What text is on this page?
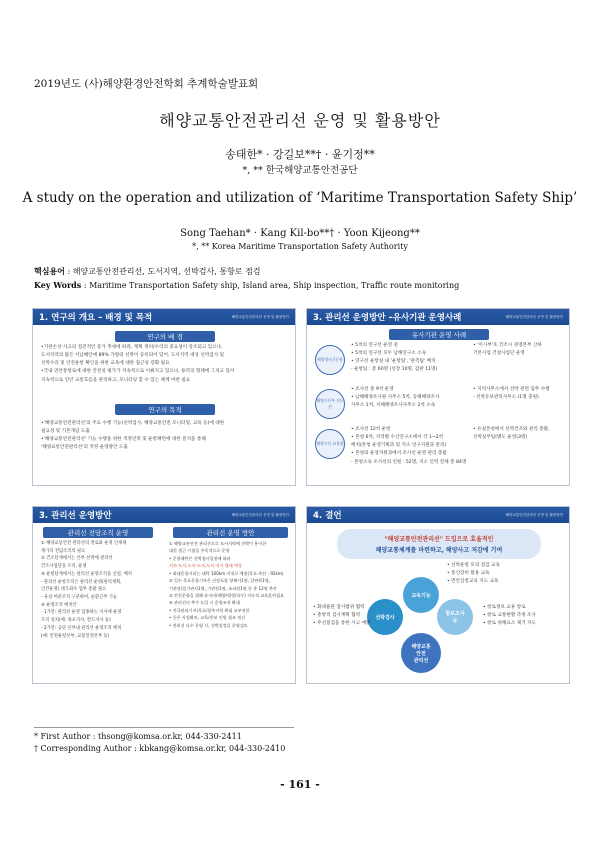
2019년도 (사)해양환경안전학회 추계학술발표회
해양교통안전관리선 운영 및 활용방안
송태한* · 강길보**† · 윤기정**
*, ** 한국해양교통안전공단
A study on the operation and utilization of ‘Maritime Transportation Safety Ship’
Song Taehan* · Kang Kil-bo**† · Yoon Kijeong**
*, ** Korea Maritime Transportation Safety Authority
핵심용어 : 해양교통안전관리선, 도서지역, 선박검사, 통항로 점검
Key Words : Maritime Transportation Safety ship, Island area, Ship inspection, Traffic route monitoring
1. 연구의 개요 – 배경 및 목적	해양교통안전관리선 운영 및 활용방안
연구의 배 경

•기관손상 사고의 점진적인 증가 추세에 따라, 계획 정비/수리의 중요성이 강조되고 있으나,

도서지역의 많은 서남해안에 89% 가량의 선박이 등록되어 있어, 도서지역 대상 선박검사 및

선박수리 및 안전운항 확인을 위한 교육에 대한 접근성 강화 필요

•국내 연안통항로에 대한 안전성 평가가 지속적으로 이뤄지고 있으나, 용역의 형태에 그치고 있어

지속적으로 연안 교통흐름을 관리하고, 모니터링 할 수 있는 체계 마련 필요

연구의 목적

•'해양교통안전관리선'의 주요 수행 기능(선박검사, 해양교통안전 모니터링, 교육 등)에 대한

필요성 및 기본개념 도출

•'해양교통안전관리선' 기능 수행을 위한 적정인력 및 운항패턴에 대한 분석을 통해

'해양교통안전관리선'의 적정 운영방안 도출

3. 관리선 운영방안 –유사기관 운영사례	해양교통안전관리선 운영 및 활용방안
유사기관 운영 사례
해양경비기동함

• 5척의 연구선 운영 중

• 5척의 연구선 모두 남해연구소 소속

• 연구선 운항실 내 '운항팀', '관측팀' 배치

- 운항팀 : 총 60명 (선장 10명, 갑판 11명)

• '이사부'호 건조시 경영본부 산하

기본사업 건설사업단 운영

해양수산부 지도선

• 조사선 총 9척 운영

• 남해해양조사원 사무소 5척, 동해해양조사

사무소 1척, 서해해양조사사무소 2척 소속

• 지역사무소에서 선박 관련 업무 수행

- 선박유보관리사무소 (1명 충원)

해양수산 교육원

• 조사선 12척 운항

• 본청 6척, 지역별 수산연구소에서 각 1~2척

배치(본청 운영기획과 및 지소 연구지원과 관리)

• 본청의 운영지원과에서 조사선 운영 관리 총괄

- 본청소속 조사선의 인원 : 52명, 지소 인력 전체 총 84명

• 유실본청에서 선박건조와 관리 총괄,

선박실무팀(별도 운영(3명)

3. 관리선 운영방안	해양교통안전관리선 운영 및 활용방안
관리선 전담조직 운영	관리선 운영 방안

① 해양교통안전 관리선의 전로와 운영 인계체

계가의 전담조직의 필요

② 건조단계에서는 본부 선박에 관리선

건조사업단을 조직, 운영

③ 운항단계에서는 관리선 운영조직을 신설, 배치

- 관리선 운항조직은 관리선 운영(관리계획,

인건운영) 대가회수 업무 총괄 필요

- 육상 여분조직 구분하여, 순환근무 가능

④ 운영조직 배치안

- 1가안: 관리선 운영 업종하는 지사에 운영

조직 설치(예: 목포지사, 완도지사 등)

- 2가안: 공단 본부내 관리선 운영조직 배치

(예: 안전운항본부, 교통안전본부 등)

① 해양교통안전 관리선으로 도서지역에 선박이 용이한

대한 접근 시험을 주목적으로 운항

• 운항패턴은 선박점사일정에 따라

지사-도서,도서-도서,도서-지사 형태 예상

• 최대운항거리는 대략 100km 이내로 예정(목포-흑산 : 92km)

② 일수 목포운항기록은 선장포함 항해사1명, 갑판원1명,

기관장/일기관사1명, 기관원1명, 조리원1명 등 총 12명 추산

③ 안전운항을 위해 유지비(해양/행정/직무) 지속적 교육훈련필요

④ 관리선의 추가 도입 시 운영조직 확대

• 전국관리기지(목포/광주지역 확대 교부권한

• 등은 사업확보, 교육/홍보 인원 협조 개선

• 관리선 다수 운영 시, 선박설정을 운영검토

4. 결언	해양교통안전관리선 운영 및 활용방안
"해양교통안전관리선" 도입으로 효율적인
해양교통체계를 마련하고, 해양사고 저감에 기여
해양교통
안전
관리선
선박검사
교육기능
항로조사
등

• 선박운항 모의 점검 교육

• 통신장비 활용 교육

• 면안심항교육 지도 교육

• 화대물관 점사범위 협력

• 총항적 검사계획 협력

• 무선점검을 통한 사고 예방

• 항로정보 교류 항로

• 항로 교통현황 측정 조사

• 항로 위해요소 제거 지도

* First Author : thsong@komsa.or.kr, 044-330-2411
† Corresponding Author : kbkang@komsa.or.kr, 044-330-2410
- 161 -
